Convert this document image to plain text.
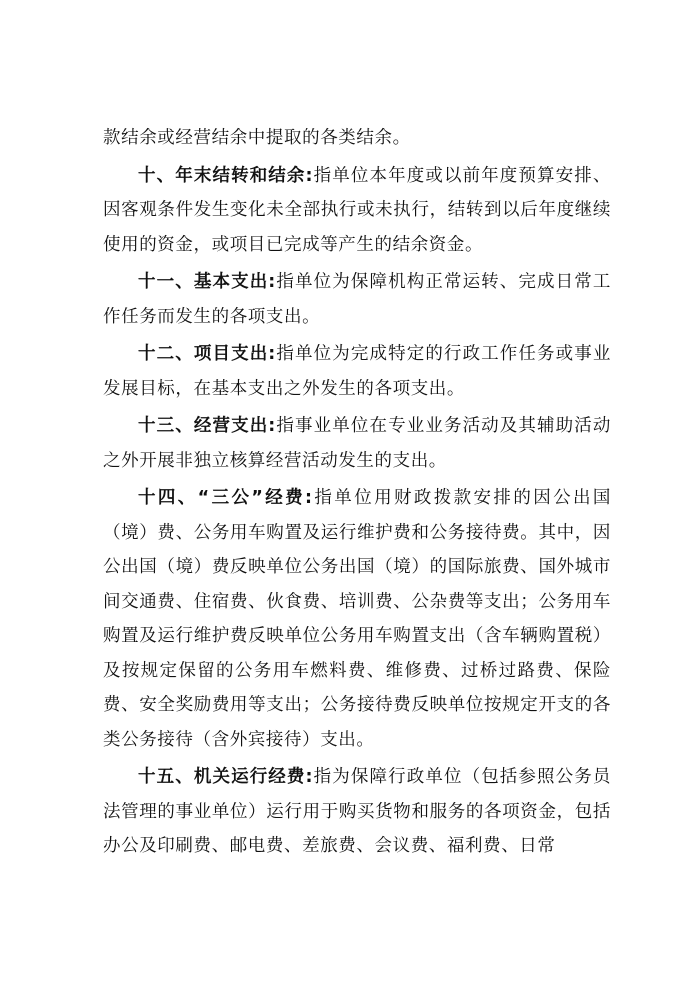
款结余或经营结余中提取的各类结余。

十、年末结转和结余:指单位本年度或以前年度预算安排、因客观条件发生变化未全部执行或未执行，结转到以后年度继续使用的资金，或项目已完成等产生的结余资金。

十一、基本支出:指单位为保障机构正常运转、完成日常工作任务而发生的各项支出。

十二、项目支出:指单位为完成特定的行政工作任务或事业发展目标，在基本支出之外发生的各项支出。

十三、经营支出:指事业单位在专业业务活动及其辅助活动之外开展非独立核算经营活动发生的支出。

十四、“三公”经费:指单位用财政拨款安排的因公出国（境）费、公务用车购置及运行维护费和公务接待费。其中，因公出国（境）费反映单位公务出国（境）的国际旅费、国外城市间交通费、住宿费、伙食费、培训费、公杂费等支出；公务用车购置及运行维护费反映单位公务用车购置支出（含车辆购置税）及按规定保留的公务用车燃料费、维修费、过桥过路费、保险费、安全奖励费用等支出；公务接待费反映单位按规定开支的各类公务接待（含外宾接待）支出。

十五、机关运行经费:指为保障行政单位（包括参照公务员法管理的事业单位）运行用于购买货物和服务的各项资金，包括办公及印刷费、邮电费、差旅费、会议费、福利费、日常
